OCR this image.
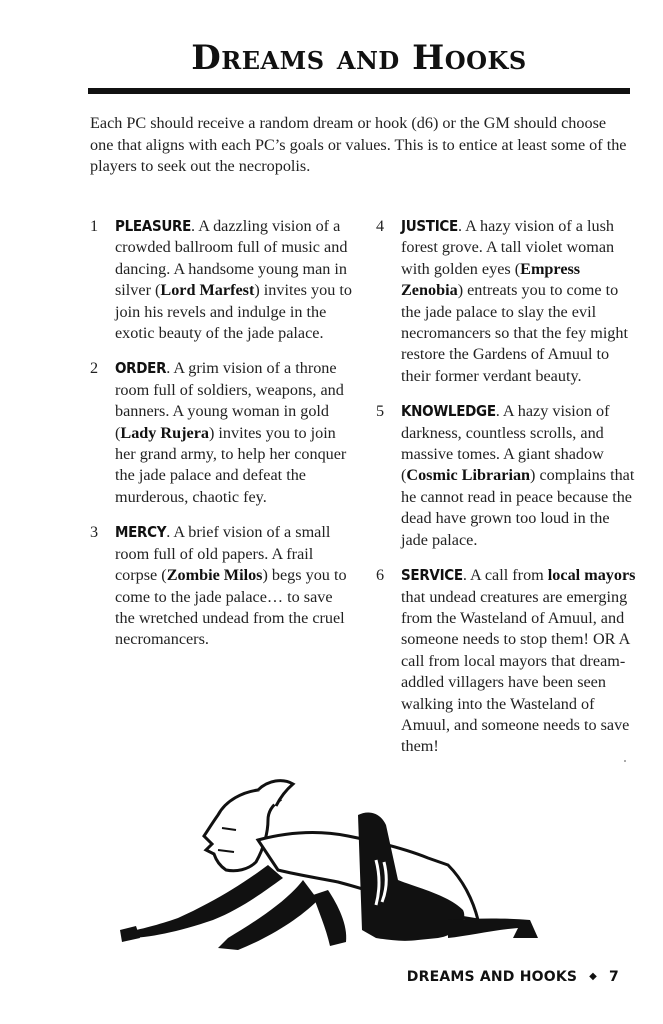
Dreams and Hooks

Each PC should receive a random dream or hook (d6) or the GM should choose one that aligns with each PC’s goals or values. This is to entice at least some of the players to seek out the necropolis.

1 PLEASURE. A dazzling vision of a crowded ballroom full of music and dancing. A handsome young man in silver (Lord Marfest) invites you to join his revels and indulge in the exotic beauty of the jade palace.
2 ORDER. A grim vision of a throne room full of soldiers, weapons, and banners. A young woman in gold (Lady Rujera) invites you to join her grand army, to help her conquer the jade palace and defeat the murderous, chaotic fey.
3 MERCY. A brief vision of a small room full of old papers. A frail corpse (Zombie Milos) begs you to come to the jade palace… to save the wretched undead from the cruel necromancers.
4 JUSTICE. A hazy vision of a lush forest grove. A tall violet woman with golden eyes (Empress Zenobia) entreats you to come to the jade palace to slay the evil necromancers so that the fey might restore the Gardens of Amuul to their former verdant beauty.
5 KNOWLEDGE. A hazy vision of darkness, countless scrolls, and massive tomes. A giant shadow (Cosmic Librarian) complains that he cannot read in peace because the dead have grown too loud in the jade palace.
6 SERVICE. A call from local mayors that undead creatures are emerging from the Wasteland of Amuul, and someone needs to stop them! OR A call from local mayors that dream-addled villagers have been seen walking into the Wasteland of Amuul, and someone needs to save them!
DREAMS AND HOOKS ◆ 7
